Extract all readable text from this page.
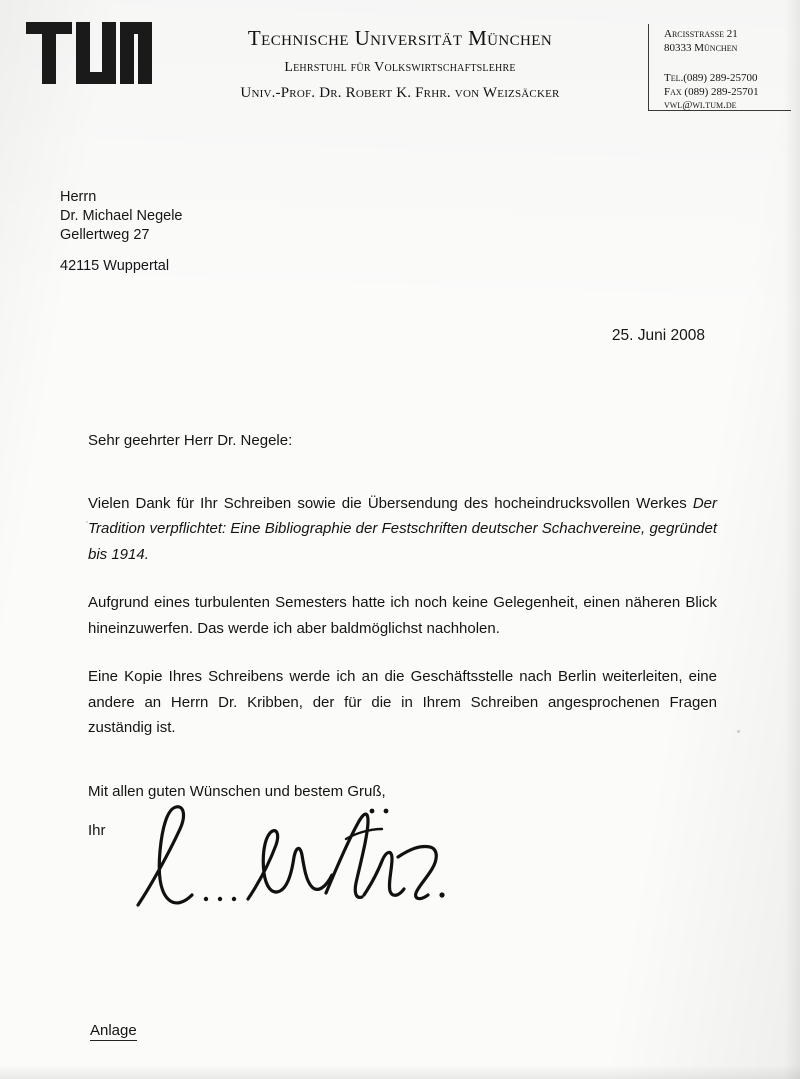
Technische Universität München
Lehrstuhl für Volkswirtschaftslehre
Univ.-Prof. Dr. Robert K. Frhr. von Weizsäcker
Arcisstrasse 21
80333 München
Tel.(089) 289-25700
Fax (089) 289-25701
vwl@wi.tum.de
Herrn
Dr. Michael Negele
Gellertweg 27
42115 Wuppertal
25. Juni 2008

Sehr geehrter Herr Dr. Negele:

Vielen Dank für Ihr Schreiben sowie die Übersendung des hocheindrucksvollen Werkes Der Tradition verpflichtet: Eine Bibliographie der Festschriften deutscher Schachvereine, gegründet bis 1914.

Aufgrund eines turbulenten Semesters hatte ich noch keine Gelegenheit, einen näheren Blick hineinzuwerfen. Das werde ich aber baldmöglichst nachholen.

Eine Kopie Ihres Schreibens werde ich an die Geschäftsstelle nach Berlin weiterleiten, eine andere an Herrn Dr. Kribben, der für die in Ihrem Schreiben angesprochenen Fragen zuständig ist.

Mit allen guten Wünschen und bestem Gruß,

Ihr

Anlage
